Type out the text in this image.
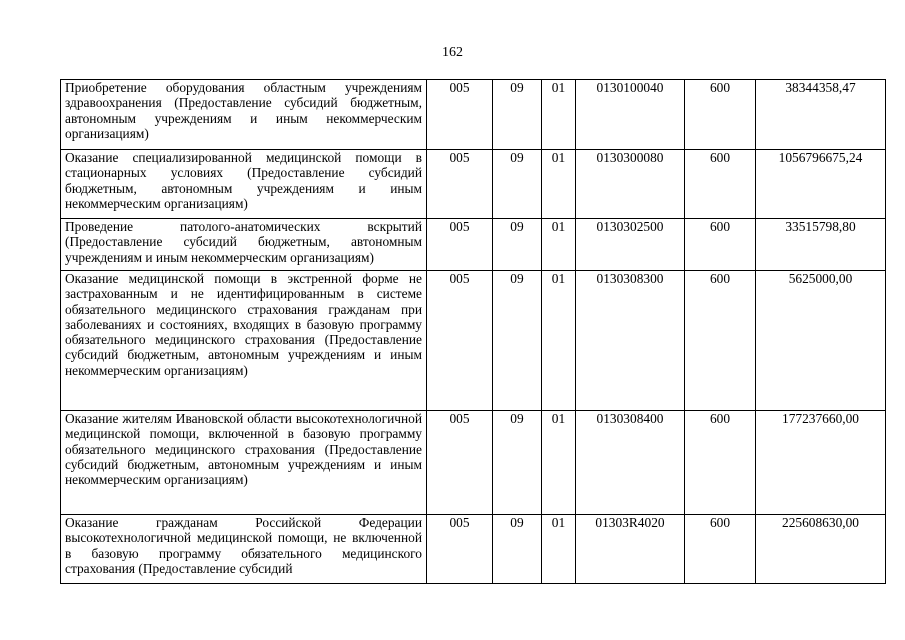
162
Приобретение оборудования областным учреждениям здравоохранения (Предоставление субсидий бюджетным, автономным учреждениям и иным некоммерческим организациям)	005	09	01	0130100040	600	38344358,47
Оказание специализированной медицинской помощи в стационарных условиях (Предоставление субсидий бюджетным, автономным учреждениям и иным некоммерческим организациям)	005	09	01	0130300080	600	1056796675,24
Проведение патолого-анатомических вскрытий (Предоставление субсидий бюджетным, автономным учреждениям и иным некоммерческим организациям)	005	09	01	0130302500	600	33515798,80
Оказание медицинской помощи в экстренной форме не застрахованным и не идентифицированным в системе обязательного медицинского страхования гражданам при заболеваниях и состояниях, входящих в базовую программу обязательного медицинского страхования (Предоставление субсидий бюджетным, автономным учреждениям и иным некоммерческим организациям)	005	09	01	0130308300	600	5625000,00
Оказание жителям Ивановской области высокотехнологичной медицинской помощи, включенной в базовую программу обязательного медицинского страхования (Предоставление субсидий бюджетным, автономным учреждениям и иным некоммерческим организациям)	005	09	01	0130308400	600	177237660,00
Оказание гражданам Российской Федерации высокотехнологичной медицинской помощи, не включенной в базовую программу обязательного медицинского страхования (Предоставление субсидий	005	09	01	01303R4020	600	225608630,00
